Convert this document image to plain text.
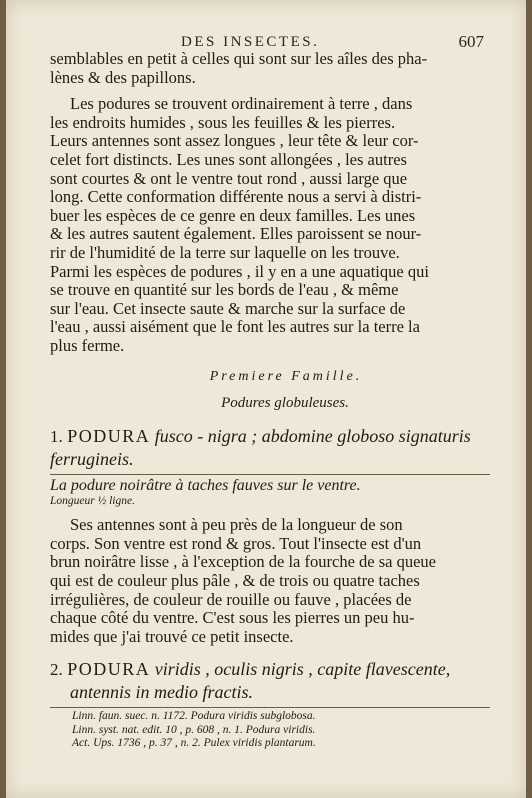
DES INSECTES.	607
semblables en petit à celles qui sont sur les aîles des pha-
lènes & des papillons.
Les podures se trouvent ordinairement à terre , dans
les endroits humides , sous les feuilles & les pierres.
Leurs antennes sont assez longues , leur tête & leur cor-
celet fort distincts. Les unes sont allongées , les autres
sont courtes & ont le ventre tout rond , aussi large que
long. Cette conformation différente nous a servi à distri-
buer les espèces de ce genre en deux familles. Les unes
& les autres sautent également. Elles paroissent se nour-
rir de l'humidité de la terre sur laquelle on les trouve.
Parmi les espèces de podures , il y en a une aquatique qui
se trouve en quantité sur les bords de l'eau , & même
sur l'eau. Cet insecte saute & marche sur la surface de
l'eau , aussi aisément que le font les autres sur la terre la
plus ferme.
Premiere Famille.
Podures globuleuses.
1. PODURA fusco - nigra ; abdomine globoso signaturis
ferrugineis.
La podure noirâtre à taches fauves sur le ventre.
Longueur ½ ligne.
Ses antennes sont à peu près de la longueur de son
corps. Son ventre est rond & gros. Tout l'insecte est d'un
brun noirâtre lisse , à l'exception de la fourche de sa queue
qui est de couleur plus pâle , & de trois ou quatre taches
irrégulières, de couleur de rouille ou fauve , placées de
chaque côté du ventre. C'est sous les pierres un peu hu-
mides que j'ai trouvé ce petit insecte.
2. PODURA viridis , oculis nigris , capite flavescente,
antennis in medio fractis.
Linn. faun. suec. n. 1172. Podura viridis subglobosa.
Linn. syst. nat. edit. 10 , p. 608 , n. 1. Podura viridis.
Act. Ups. 1736 , p. 37 , n. 2. Pulex viridis plantarum.
